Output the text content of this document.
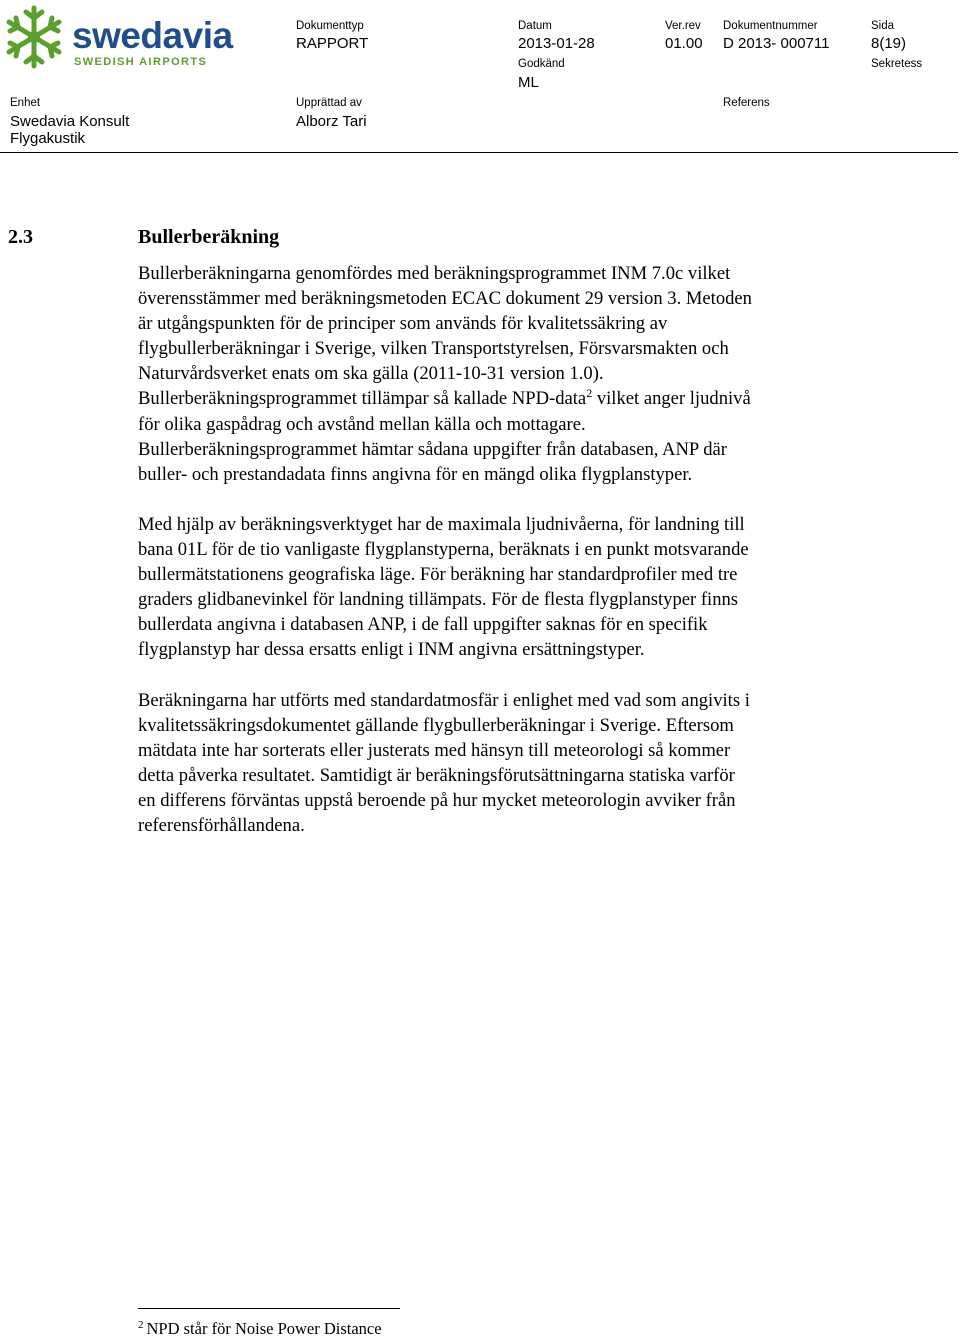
swedavia
SWEDISH AIRPORTS
Dokumenttyp
RAPPORT
Datum
2013-01-28
Ver.rev
01.00
Dokumentnummer
D 2013- 000711
Sida
8(19)
Godkänd
ML
Sekretess
Enhet
Swedavia Konsult
Flygakustik
Upprättad av
Alborz Tari
Referens
2.3	Bullerberäkning
Bullerberäkningarna genomfördes med beräkningsprogrammet INM 7.0c vilket
överensstämmer med beräkningsmetoden ECAC dokument 29 version 3. Metoden
är utgångspunkten för de principer som används för kvalitetssäkring av
flygbullerberäkningar i Sverige, vilken Transportstyrelsen, Försvarsmakten och
Naturvårdsverket enats om ska gälla (2011-10-31 version 1.0).
Bullerberäkningsprogrammet tillämpar så kallade NPD-data$^2$ vilket anger ljudnivå
för olika gaspådrag och avstånd mellan källa och mottagare.
Bullerberäkningsprogrammet hämtar sådana uppgifter från databasen, ANP där
buller- och prestandadata finns angivna för en mängd olika flygplanstyper.
Med hjälp av beräkningsverktyget har de maximala ljudnivåerna, för landning till
bana 01L för de tio vanligaste flygplanstyperna, beräknats i en punkt motsvarande
bullermätstationens geografiska läge. För beräkning har standardprofiler med tre
graders glidbanevinkel för landning tillämpats. För de flesta flygplanstyper finns
bullerdata angivna i databasen ANP, i de fall uppgifter saknas för en specifik
flygplanstyp har dessa ersatts enligt i INM angivna ersättningstyper.
Beräkningarna har utförts med standardatmosfär i enlighet med vad som angivits i
kvalitetssäkringsdokumentet gällande flygbullerberäkningar i Sverige. Eftersom
mätdata inte har sorterats eller justerats med hänsyn till meteorologi så kommer
detta påverka resultatet. Samtidigt är beräkningsförutsättningarna statiska varför
en differens förväntas uppstå beroende på hur mycket meteorologin avviker från
referensförhållandena.
$^2$ NPD står för Noise Power Distance
